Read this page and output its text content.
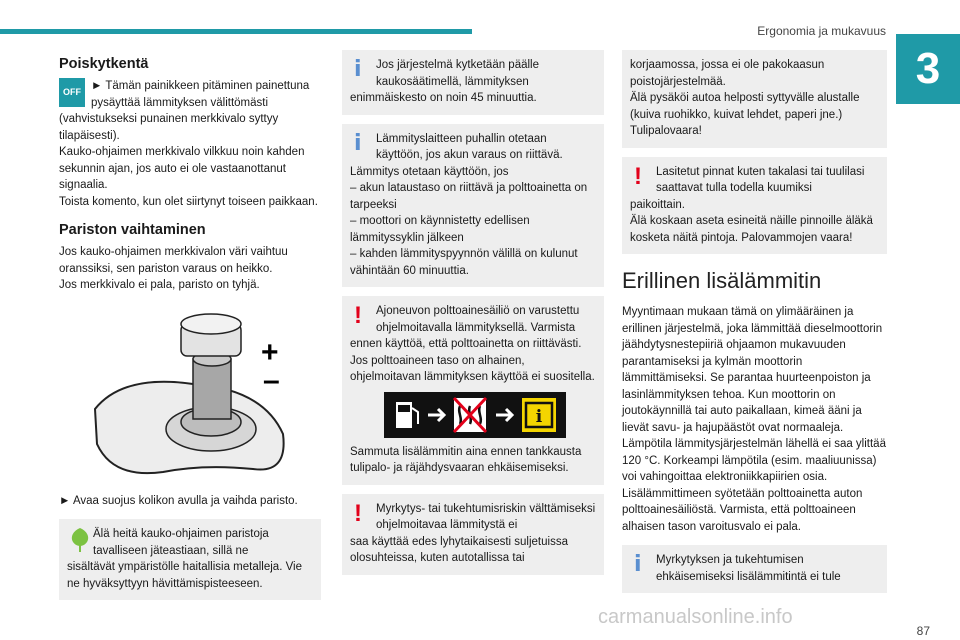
Ergonomia ja mukavuus
3
Poiskytkentä

OFF ► Tämän painikkeen pitäminen painettuna pysäyttää lämmityksen välittömästi (vahvistukseksi punainen merkkivalo syttyy tilapäisesti).
Kauko-ohjaimen merkkivalo vilkkuu noin kahden sekunnin ajan, jos auto ei ole vastaanottanut signaalia.
Toista komento, kun olet siirtynyt toiseen paikkaan.

Pariston vaihtaminen

Jos kauko-ohjaimen merkkivalon väri vaihtuu oranssiksi, sen pariston varaus on heikko.
Jos merkkivalo ei pala, paristo on tyhjä.

+
–

► Avaa suojus kolikon avulla ja vaihda paristo.

Älä heitä kauko-ohjaimen paristoja tavalliseen jäteastiaan, sillä ne
sisältävät ympäristölle haitallisia metalleja. Vie ne hyväksyttyyn hävittämispisteeseen.
i	Jos järjestelmä kytketään päälle kaukosäätimellä, lämmityksen
enimmäiskesto on noin 45 minuuttia.
i	Lämmityslaitteen puhallin otetaan käyttöön, jos akun varaus on riittävä.
Lämmitys otetaan käyttöön, jos
– akun lataustaso on riittävä ja polttoainetta on tarpeeksi
– moottori on käynnistetty edellisen lämmityssyklin jälkeen
– kahden lämmityspyynnön välillä on kulunut vähintään 60 minuuttia.
!	Ajoneuvon polttoainesäiliö on varustettu ohjelmoitavalla lämmityksellä. Varmista
ennen käyttöä, että polttoainetta on riittävästi. Jos polttoaineen taso on alhainen, ohjelmoitavan lämmityksen käyttöä ei suositella.
i
Sammuta lisälämmitin aina ennen tankkausta tulipalo- ja räjähdysvaaran ehkäisemiseksi.
!	Myrkytys- tai tukehtumisriskin välttämiseksi ohjelmoitavaa lämmitystä ei
saa käyttää edes lyhytaikaisesti suljetuissa olosuhteissa, kuten autotallissa tai
korjaamossa, jossa ei ole pakokaasun poistojärjestelmää.
Älä pysäköi autoa helposti syttyvälle alustalle (kuiva ruohikko, kuivat lehdet, paperi jne.)
Tulipalovaara!
!	Lasitetut pinnat kuten takalasi tai tuulilasi saattavat tulla todella kuumiksi
paikoittain.
Älä koskaan aseta esineitä näille pinnoille äläkä kosketa näitä pintoja. Palovammojen vaara!
Erillinen lisälämmitin

Myyntimaan mukaan tämä on ylimääräinen ja erillinen järjestelmä, joka lämmittää dieselmoottorin jäähdytysnestepiiriä ohjaamon mukavuuden parantamiseksi ja kylmän moottorin lämmittämiseksi. Se parantaa huurteenpoiston ja lasinlämmityksen tehoa. Kun moottorin on joutokäynnillä tai auto paikallaan, kimeä ääni ja lievät savu- ja hajupäästöt ovat normaaleja.

Lämpötila lämmitysjärjestelmän lähellä ei saa ylittää 120 °C. Korkeampi lämpötila (esim. maaliuunissa) voi vahingoittaa elektroniikkapiirien osia.

Lisälämmittimeen syötetään polttoainetta auton polttoainesäiliöstä. Varmista, että polttoaineen alhaisen tason varoitusvalo ei pala.

i	Myrkytyksen ja tukehtumisen ehkäisemiseksi lisälämmitintä ei tule
carmanualsonline.info
87
